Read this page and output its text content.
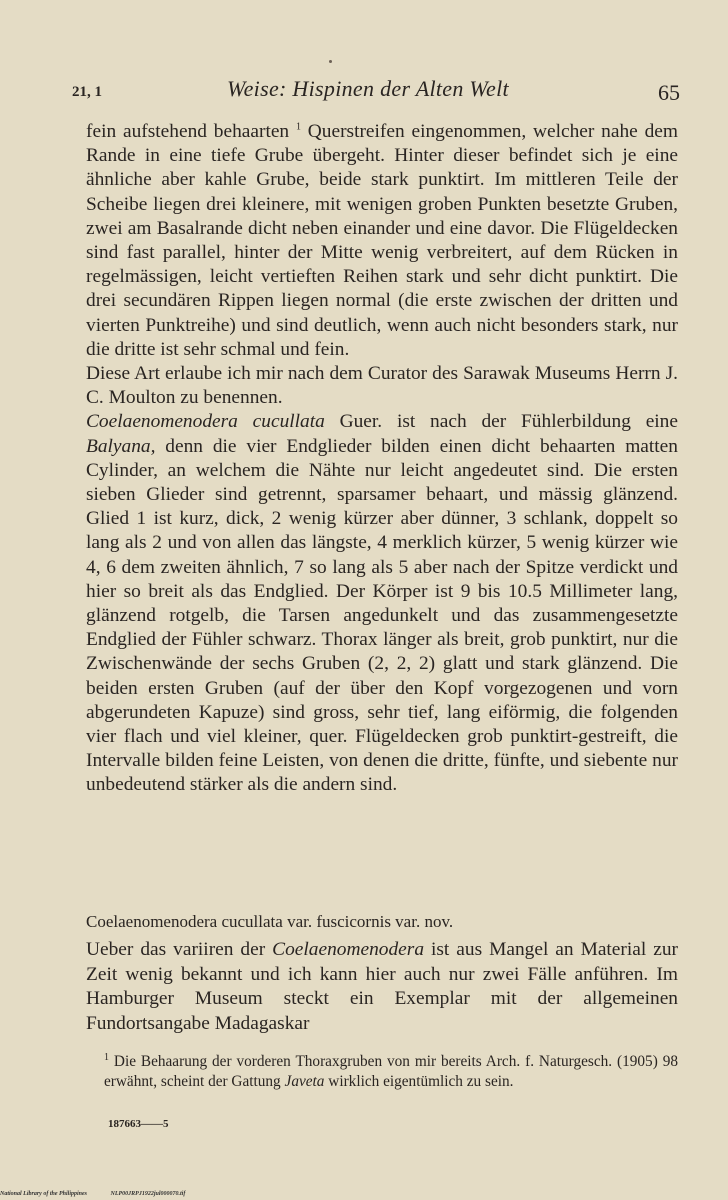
21, 1	Weise: Hispinen der Alten Welt	65

fein aufstehend behaarten $^1$ Querstreifen eingenommen, welcher nahe dem Rande in eine tiefe Grube übergeht. Hinter dieser befindet sich je eine ähnliche aber kahle Grube, beide stark punktirt. Im mittleren Teile der Scheibe liegen drei kleinere, mit wenigen groben Punkten besetzte Gruben, zwei am Basalrande dicht neben einander und eine davor. Die Flügeldecken sind fast parallel, hinter der Mitte wenig verbreitert, auf dem Rücken in regelmässigen, leicht vertieften Reihen stark und sehr dicht punktirt. Die drei secundären Rippen liegen normal (die erste zwischen der dritten und vierten Punktreihe) und sind deutlich, wenn auch nicht besonders stark, nur die dritte ist sehr schmal und fein.

Diese Art erlaube ich mir nach dem Curator des Sarawak Museums Herrn J. C. Moulton zu benennen.

Coelaenomenodera cucullata Guer. ist nach der Fühlerbildung eine Balyana, denn die vier Endglieder bilden einen dicht behaarten matten Cylinder, an welchem die Nähte nur leicht angedeutet sind. Die ersten sieben Glieder sind getrennt, sparsamer behaart, und mässig glänzend. Glied 1 ist kurz, dick, 2 wenig kürzer aber dünner, 3 schlank, doppelt so lang als 2 und von allen das längste, 4 merklich kürzer, 5 wenig kürzer wie 4, 6 dem zweiten ähnlich, 7 so lang als 5 aber nach der Spitze verdickt und hier so breit als das Endglied. Der Körper ist 9 bis 10.5 Millimeter lang, glänzend rotgelb, die Tarsen angedunkelt und das zusammengesetzte Endglied der Fühler schwarz. Thorax länger als breit, grob punktirt, nur die Zwischenwände der sechs Gruben (2, 2, 2) glatt und stark glänzend. Die beiden ersten Gruben (auf der über den Kopf vorgezogenen und vorn abgerundeten Kapuze) sind gross, sehr tief, lang eiförmig, die folgenden vier flach und viel kleiner, quer. Flügeldecken grob punktirt-gestreift, die Intervalle bilden feine Leisten, von denen die dritte, fünfte, und siebente nur unbedeutend stärker als die andern sind.

Coelaenomenodera cucullata var. fuscicornis var. nov.

Ueber das variiren der Coelaenomenodera ist aus Mangel an Material zur Zeit wenig bekannt und ich kann hier auch nur zwei Fälle anführen. Im Hamburger Museum steckt ein Exemplar mit der allgemeinen Fundortsangabe Madagaskar

$^1$ Die Behaarung der vorderen Thoraxgruben von mir bereits Arch. f. Naturgesch. (1905) 98 erwähnt, scheint der Gattung Javeta wirklich eigentümlich zu sein.

187663——5
National Library of the Philippines	NLP00JRPJ1922jul000070.tif
